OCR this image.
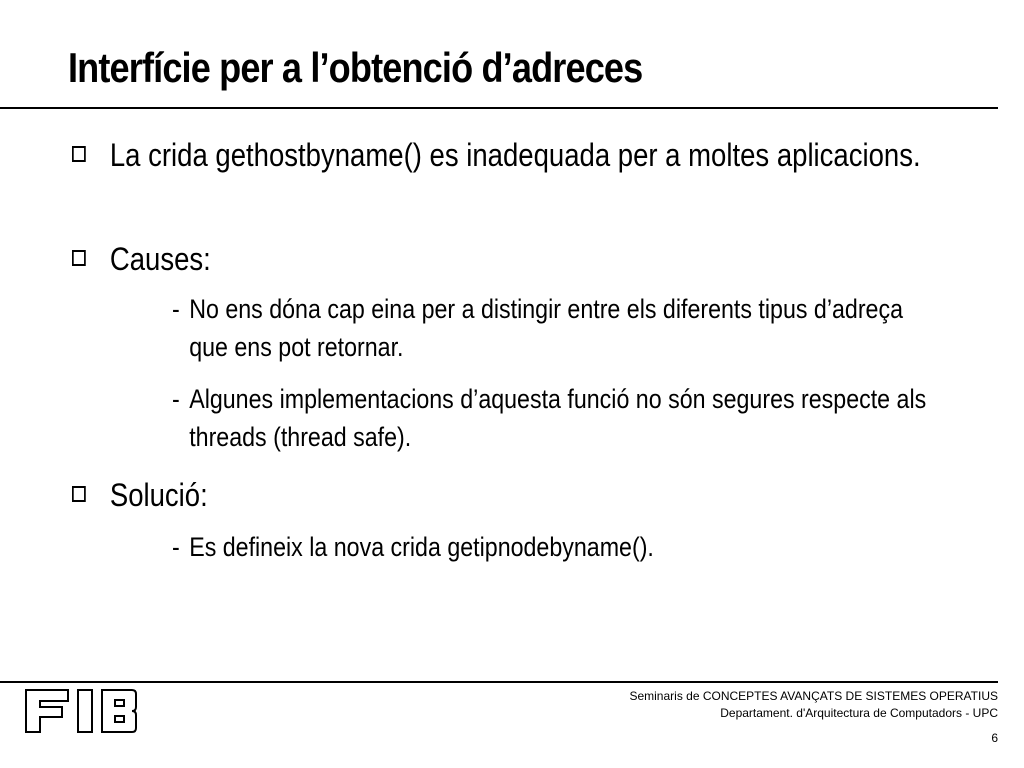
Interfície per a l’obtenció d’adreces
La crida gethostbyname() es inadequada per a moltes aplicacions.
Causes:
- No ens dóna cap eina per a distingir entre els diferents tipus d’adreça que ens pot retornar.
- Algunes implementacions d’aquesta funció no són segures respecte als threads (thread safe).
Solució:
- Es defineix la nova crida getipnodebyname().
Seminaris de CONCEPTES AVANÇATS DE SISTEMES OPERATIUS
Departament. d'Arquitectura de Computadors - UPC
6
